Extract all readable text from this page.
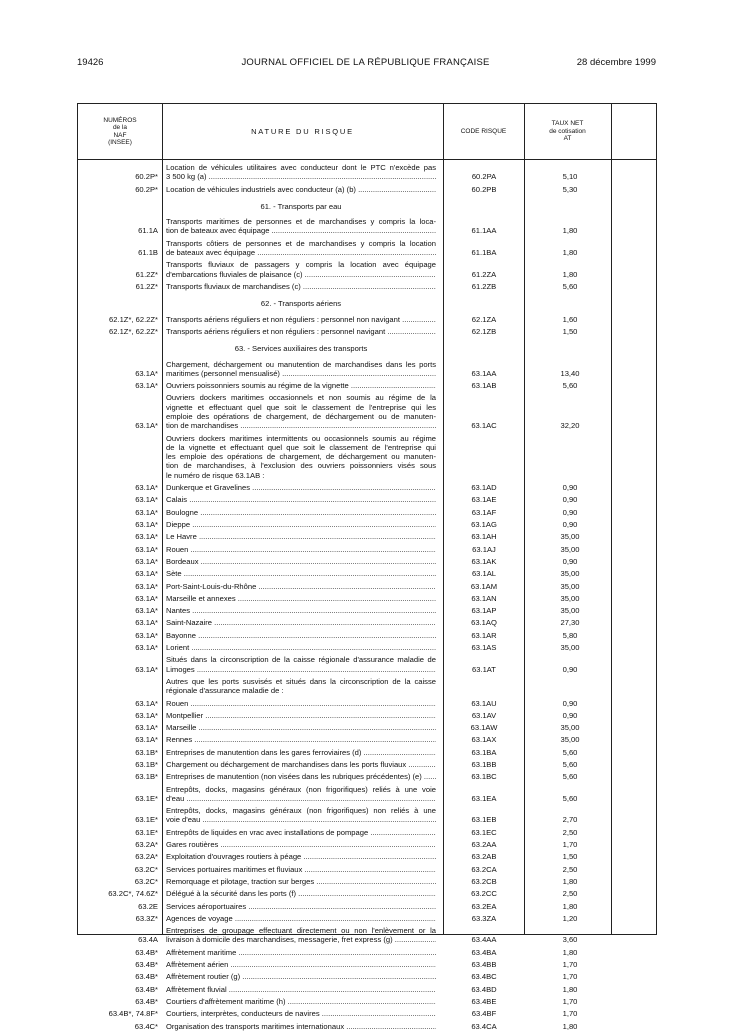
19426	JOURNAL OFFICIEL DE LA RÉPUBLIQUE FRANÇAISE	28 décembre 1999
NUMÉROS
de la
NAF
(INSEE)
NATURE DU RISQUE	CODE RISQUE
TAUX NET
de cotisation
AT
60.2P*
Location de véhicules utilitaires avec conducteur dont le PTC n'excède pas
3 500 kg (a) .....	60.2PA	5,10
60.2P* Location de véhicules industriels avec conducteur (a) (b) .....	60.2PB	5,30
61. - Transports par eau
61.1A
Transports maritimes de personnes et de marchandises y compris la loca-
tion de bateaux avec équipage .....	61.1AA	1,80
61.1B
Transports côtiers de personnes et de marchandises y compris la location
de bateaux avec équipage .....	61.1BA	1,80
61.2Z*
Transports fluviaux de passagers y compris la location avec équipage
d'embarcations fluviales de plaisance (c) .....	61.2ZA	1,80
61.2Z* Transports fluviaux de marchandises (c) .....	61.2ZB	5,60
62. - Transports aériens
62.1Z*, 62.2Z* Transports aériens réguliers et non réguliers : personnel non navigant .....	62.1ZA	1,60
62.1Z*, 62.2Z* Transports aériens réguliers et non réguliers : personnel navigant .....	62.1ZB	1,50
63. - Services auxiliaires des transports
63.1A*
Chargement, déchargement ou manutention de marchandises dans les ports
maritimes (personnel mensualisé) .....	63.1AA	13,40
63.1A* Ouvriers poissonniers soumis au régime de la vignette .....	63.1AB	5,60
63.1A*
Ouvriers dockers maritimes occasionnels et non soumis au régime de la
vignette et effectuant quel que soit le classement de l'entreprise qui les
emploie des opérations de chargement, de déchargement ou de manuten-
tion de marchandises .....	63.1AC	32,20
Ouvriers dockers maritimes intermittents ou occasionnels soumis au régime
de la vignette et effectuant quel que soit le classement de l'entreprise qui
les emploie des opérations de chargement, de déchargement ou manuten-
tion de marchandises, à l'exclusion des ouvriers poissonniers visés sous
le numéro de risque 63.1AB :
63.1A* Dunkerque et Gravelines .....	63.1AD	0,90
63.1A* Calais .....	63.1AE	0,90
63.1A* Boulogne .....	63.1AF	0,90
63.1A* Dieppe .....	63.1AG	0,90
63.1A* Le Havre .....	63.1AH	35,00
63.1A* Rouen .....	63.1AJ	35,00
63.1A* Bordeaux .....	63.1AK	0,90
63.1A* Sète .....	63.1AL	35,00
63.1A* Port-Saint-Louis-du-Rhône .....	63.1AM	35,00
63.1A* Marseille et annexes .....	63.1AN	35,00
63.1A* Nantes .....	63.1AP	35,00
63.1A* Saint-Nazaire .....	63.1AQ	27,30
63.1A* Bayonne .....	63.1AR	5,80
63.1A* Lorient .....	63.1AS	35,00
63.1A*
Situés dans la circonscription de la caisse régionale d'assurance maladie de
Limoges .....	63.1AT	0,90
Autres que les ports susvisés et situés dans la circonscription de la caisse
régionale d'assurance maladie de :
63.1A* Rouen .....	63.1AU	0,90
63.1A* Montpellier .....	63.1AV	0,90
63.1A* Marseille .....	63.1AW	35,00
63.1A* Rennes .....	63.1AX	35,00
63.1B* Entreprises de manutention dans les gares ferroviaires (d) .....	63.1BA	5,60
63.1B* Chargement ou déchargement de marchandises dans les ports fluviaux .....	63.1BB	5,60
63.1B* Entreprises de manutention (non visées dans les rubriques précédentes) (e) .....	63.1BC	5,60
63.1E*
Entrepôts, docks, magasins généraux (non frigorifiques) reliés à une voie
d'eau .....	63.1EA	5,60
63.1E*
Entrepôts, docks, magasins généraux (non frigorifiques) non reliés à une
voie d'eau .....	63.1EB	2,70
63.1E* Entrepôts de liquides en vrac avec installations de pompage .....	63.1EC	2,50
63.2A* Gares routières .....	63.2AA	1,70
63.2A* Exploitation d'ouvrages routiers à péage .....	63.2AB	1,50
63.2C* Services portuaires maritimes et fluviaux .....	63.2CA	2,50
63.2C* Remorquage et pilotage, traction sur berges .....	63.2CB	1,80
63.2C*, 74.6Z* Délégué à la sécurité dans les ports (f) .....	63.2CC	2,50
63.2E Services aéroportuaires .....	63.2EA	1,80
63.3Z* Agences de voyage .....	63.3ZA	1,20
63.4A
Entreprises de groupage effectuant directement ou non l'enlèvement or la
livraison à domicile des marchandises, messagerie, fret express (g) .....	63.4AA	3,60
63.4B* Affrètement maritime .....	63.4BA	1,80
63.4B* Affrètement aérien .....	63.4BB	1,70
63.4B* Affrètement routier (g) .....	63.4BC	1,70
63.4B* Affrètement fluvial .....	63.4BD	1,80
63.4B* Courtiers d'affrètement maritime (h) .....	63.4BE	1,70
63.4B*, 74.8F* Courtiers, interprètes, conducteurs de navires .....	63.4BF	1,70
63.4C* Organisation des transports maritimes internationaux .....	63.4CA	1,80
